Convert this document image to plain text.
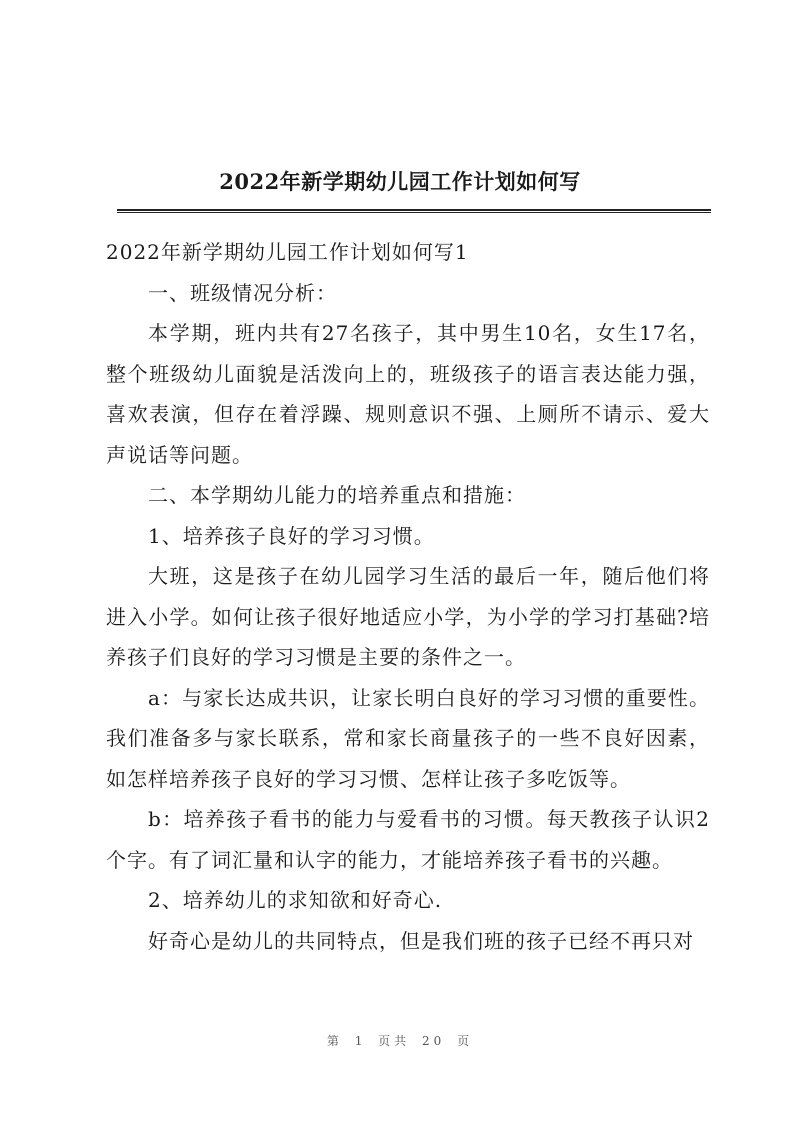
2022年新学期幼儿园工作计划如何写

2022年新学期幼儿园工作计划如何写1

一、班级情况分析：

本学期，班内共有27名孩子，其中男生10名，女生17名，整个班级幼儿面貌是活泼向上的，班级孩子的语言表达能力强，喜欢表演，但存在着浮躁、规则意识不强、上厕所不请示、爱大声说话等问题。

二、本学期幼儿能力的培养重点和措施：

1、培养孩子良好的学习习惯。

大班，这是孩子在幼儿园学习生活的最后一年，随后他们将进入小学。如何让孩子很好地适应小学，为小学的学习打基础?培养孩子们良好的学习习惯是主要的条件之一。

a：与家长达成共识，让家长明白良好的学习习惯的重要性。我们准备多与家长联系，常和家长商量孩子的一些不良好因素，如怎样培养孩子良好的学习习惯、怎样让孩子多吃饭等。

b：培养孩子看书的能力与爱看书的习惯。每天教孩子认识2个字。有了词汇量和认字的能力，才能培养孩子看书的兴趣。

2、培养幼儿的求知欲和好奇心.

好奇心是幼儿的共同特点，但是我们班的孩子已经不再只对

第 1 页共 20 页
